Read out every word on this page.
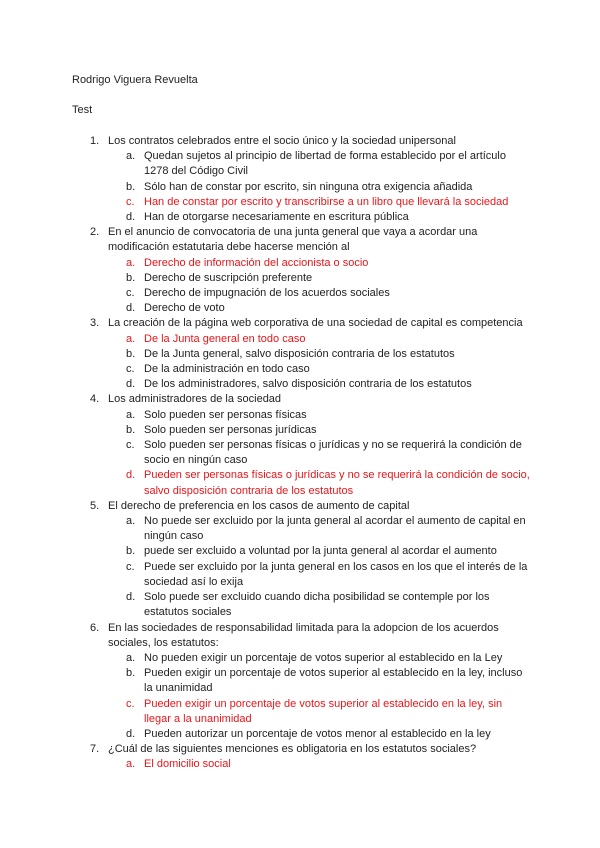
Rodrigo Viguera Revuelta
Test
1. Los contratos celebrados entre el socio único y la sociedad unipersonal
a. Quedan sujetos al principio de libertad de forma establecido por el artículo 1278 del Código Civil
b. Sólo han de constar por escrito, sin ninguna otra exigencia añadida
c. Han de constar por escrito y transcribirse a un libro que llevará la sociedad
d. Han de otorgarse necesariamente en escritura pública
2. En el anuncio de convocatoria de una junta general que vaya a acordar una modificación estatutaria debe hacerse mención al
a. Derecho de información del accionista o socio
b. Derecho de suscripción preferente
c. Derecho de impugnación de los acuerdos sociales
d. Derecho de voto
3. La creación de la página web corporativa de una sociedad de capital es competencia
a. De la Junta general en todo caso
b. De la Junta general, salvo disposición contraria de los estatutos
c. De la administración en todo caso
d. De los administradores, salvo disposición contraria de los estatutos
4. Los administradores de la sociedad
a. Solo pueden ser personas físicas
b. Solo pueden ser personas jurídicas
c. Solo pueden ser personas físicas o jurídicas y no se requerirá la condición de socio en ningún caso
d. Pueden ser personas físicas o jurídicas y no se requerirá la condición de socio, salvo disposición contraria de los estatutos
5. El derecho de preferencia en los casos de aumento de capital
a. No puede ser excluido por la junta general al acordar el aumento de capital en ningún caso
b. puede ser excluido a voluntad por la junta general al acordar el aumento
c. Puede ser excluido por la junta general en los casos en los que el interés de la sociedad así lo exija
d. Solo puede ser excluido cuando dicha posibilidad se contemple por los estatutos sociales
6. En las sociedades de responsabilidad limitada para la adopcion de los acuerdos sociales, los estatutos:
a. No pueden exigir un porcentaje de votos superior al establecido en la Ley
b. Pueden exigir un porcentaje de votos superior al establecido en la ley, incluso la unanimidad
c. Pueden exigir un porcentaje de votos superior al establecido en la ley, sin llegar a la unanimidad
d. Pueden autorizar un porcentaje de votos menor al establecido en la ley
7. ¿Cuál de las siguientes menciones es obligatoria en los estatutos sociales?
a. El domicilio social
